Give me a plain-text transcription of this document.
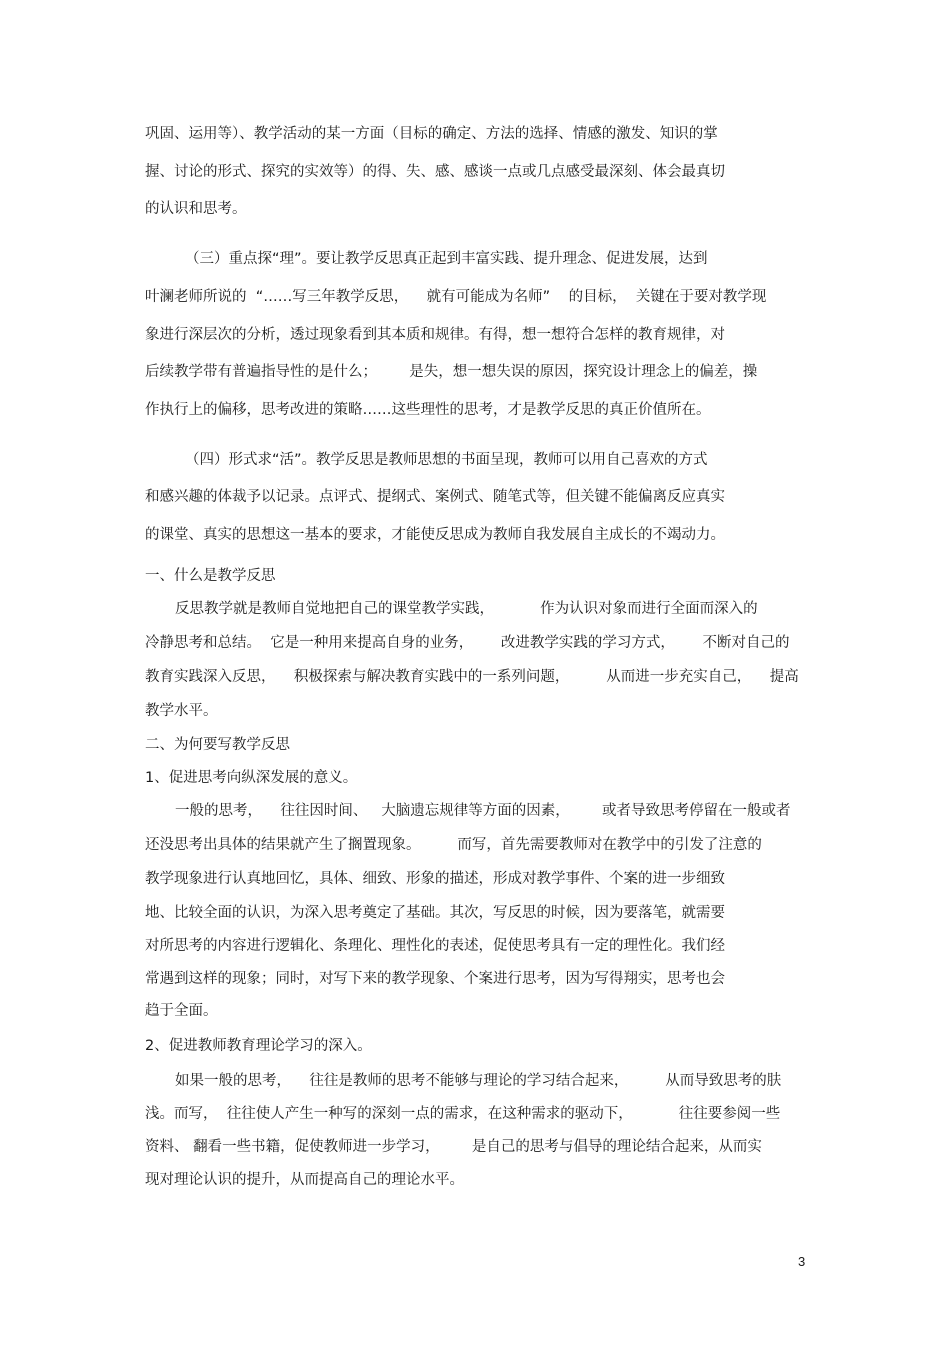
巩固、运用等）、教学活动的某一方面（目标的确定、方法的选择、情感的激发、知识的掌

握、讨论的形式、探究的实效等）的得、失、感、感谈一点或几点感受最深刻、体会最真切

的认识和思考。

（三）重点探“理”。要让教学反思真正起到丰富实践、提升理念、促进发展，达到

叶澜老师所说的  “……写三年教学反思，    就有可能成为名师”    的目标，  关键在于要对教学现

象进行深层次的分析，透过现象看到其本质和规律。有得，想一想符合怎样的教育规律，对

后续教学带有普遍指导性的是什么；       是失，想一想失误的原因，探究设计理念上的偏差，操

作执行上的偏移，思考改进的策略……这些理性的思考，才是教学反思的真正价值所在。

（四）形式求“活”。教学反思是教师思想的书面呈现，教师可以用自己喜欢的方式

和感兴趣的体裁予以记录。点评式、提纲式、案例式、随笔式等，但关键不能偏离反应真实

的课堂、真实的思想这一基本的要求，才能使反思成为教师自我发展自主成长的不竭动力。

一、什么是教学反思

反思教学就是教师自觉地把自己的课堂教学实践，          作为认识对象而进行全面而深入的

冷静思考和总结。  它是一种用来提高自身的业务，      改进教学实践的学习方式，      不断对自己的

教育实践深入反思，    积极探索与解决教育实践中的一系列问题，        从而进一步充实自己，    提高

教学水平。

二、为何要写教学反思

1、促进思考向纵深发展的意义。

一般的思考，    往往因时间、   大脑遗忘规律等方面的因素，       或者导致思考停留在一般或者

还没思考出具体的结果就产生了搁置现象。        而写，首先需要教师对在教学中的引发了注意的

教学现象进行认真地回忆，具体、细致、形象的描述，形成对教学事件、个案的进一步细致

地、比较全面的认识，为深入思考奠定了基础。其次，写反思的时候，因为要落笔，就需要

对所思考的内容进行逻辑化、条理化、理性化的表述，促使思考具有一定的理性化。我们经

常遇到这样的现象；同时，对写下来的教学现象、个案进行思考，因为写得翔实，思考也会

趋于全面。

2、促进教师教育理论学习的深入。

如果一般的思考，    往往是教师的思考不能够与理论的学习结合起来，        从而导致思考的肤

浅。而写，  往往使人产生一种写的深刻一点的需求，在这种需求的驱动下，          往往要参阅一些

资料、 翻看一些书籍，促使教师进一步学习，       是自己的思考与倡导的理论结合起来，从而实

现对理论认识的提升，从而提高自己的理论水平。

3
